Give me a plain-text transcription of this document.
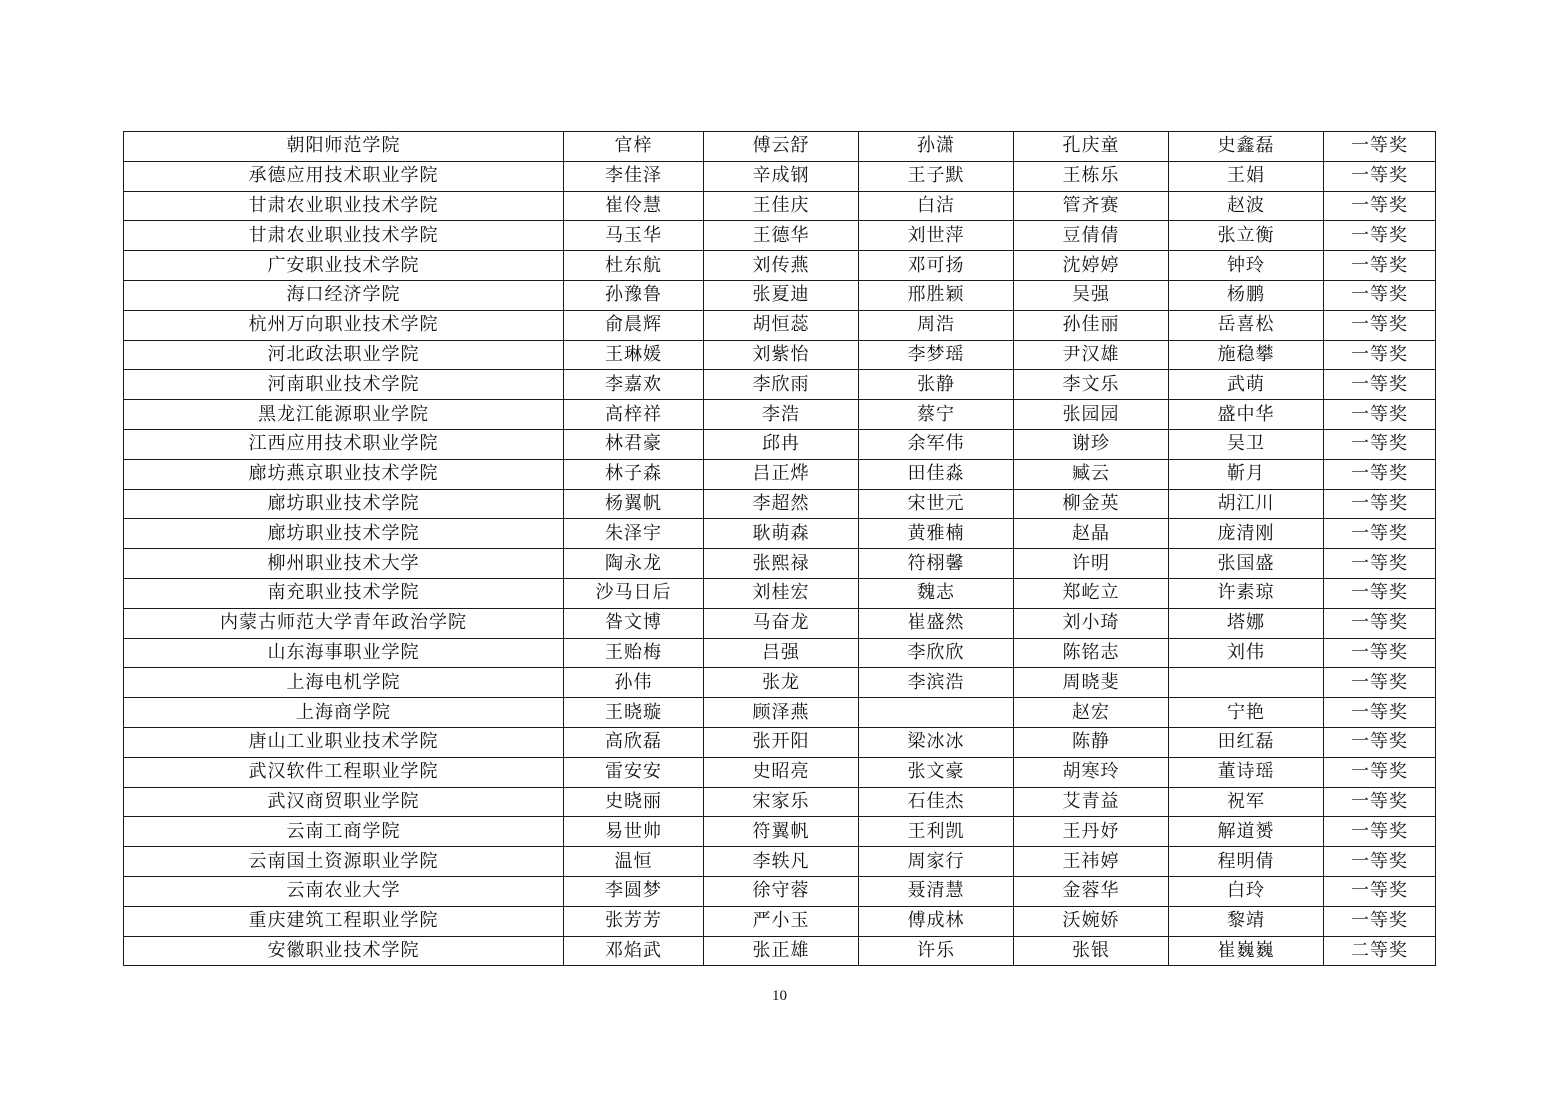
朝阳师范学院	官梓	傅云舒	孙潇	孔庆童	史鑫磊	一等奖
承德应用技术职业学院	李佳泽	辛成钢	王子默	王栋乐	王娟	一等奖
甘肃农业职业技术学院	崔伶慧	王佳庆	白洁	管齐赛	赵波	一等奖
甘肃农业职业技术学院	马玉华	王德华	刘世萍	豆倩倩	张立衡	一等奖
广安职业技术学院	杜东航	刘传燕	邓可扬	沈婷婷	钟玲	一等奖
海口经济学院	孙豫鲁	张夏迪	邢胜颖	吴强	杨鹏	一等奖
杭州万向职业技术学院	俞晨辉	胡恒蕊	周浩	孙佳丽	岳喜松	一等奖
河北政法职业学院	王琳媛	刘紫怡	李梦瑶	尹汉雄	施稳攀	一等奖
河南职业技术学院	李嘉欢	李欣雨	张静	李文乐	武萌	一等奖
黑龙江能源职业学院	高梓祥	李浩	蔡宁	张园园	盛中华	一等奖
江西应用技术职业学院	林君豪	邱冉	余军伟	谢珍	吴卫	一等奖
廊坊燕京职业技术学院	林子森	吕正烨	田佳淼	臧云	靳月	一等奖
廊坊职业技术学院	杨翼帆	李超然	宋世元	柳金英	胡江川	一等奖
廊坊职业技术学院	朱泽宇	耿萌森	黄雅楠	赵晶	庞清刚	一等奖
柳州职业技术大学	陶永龙	张熙禄	符栩馨	许明	张国盛	一等奖
南充职业技术学院	沙马日后	刘桂宏	魏志	郑屹立	许素琼	一等奖
内蒙古师范大学青年政治学院	昝文博	马奋龙	崔盛然	刘小琦	塔娜	一等奖
山东海事职业学院	王贻梅	吕强	李欣欣	陈铭志	刘伟	一等奖
上海电机学院	孙伟	张龙	李滨浩	周晓斐		一等奖
上海商学院	王晓璇	顾泽燕		赵宏	宁艳	一等奖
唐山工业职业技术学院	高欣磊	张开阳	梁冰冰	陈静	田红磊	一等奖
武汉软件工程职业学院	雷安安	史昭亮	张文豪	胡寒玲	董诗瑶	一等奖
武汉商贸职业学院	史晓丽	宋家乐	石佳杰	艾青益	祝军	一等奖
云南工商学院	易世帅	符翼帆	王利凯	王丹妤	解道赟	一等奖
云南国土资源职业学院	温恒	李轶凡	周家行	王祎婷	程明倩	一等奖
云南农业大学	李圆梦	徐守蓉	聂清慧	金蓉华	白玲	一等奖
重庆建筑工程职业学院	张芳芳	严小玉	傅成林	沃婉娇	黎靖	一等奖
安徽职业技术学院	邓焰武	张正雄	许乐	张银	崔巍巍	二等奖
10
